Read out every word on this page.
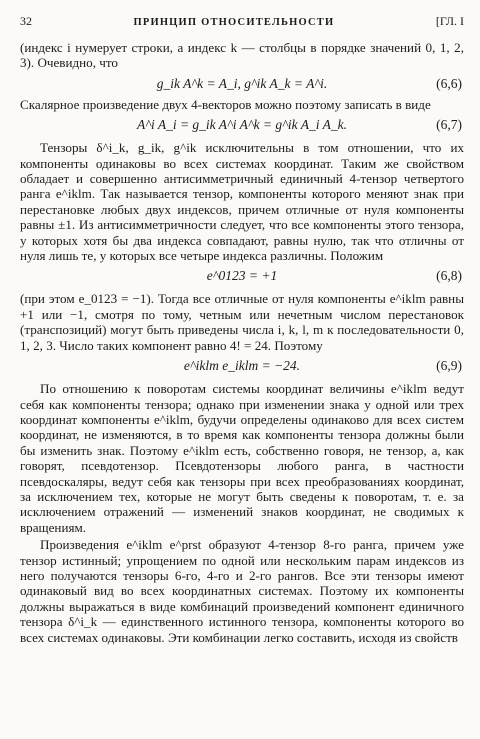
32	ПРИНЦИП ОТНОСИТЕЛЬНОСТИ	[ГЛ. I

(индекс i нумерует строки, а индекс k — столбцы в порядке значений 0, 1, 2, 3). Очевидно, что

g_ik A^k = A_i, g^ik A_k = A^i.	(6,6)

Скалярное произведение двух 4-векторов можно поэтому записать в виде

A^i A_i = g_ik A^i A^k = g^ik A_i A_k.	(6,7)

Тензоры δ^i_k, g_ik, g^ik исключительны в том отношении, что их компоненты одинаковы во всех системах координат. Таким же свойством обладает и совершенно антисимметричный единичный 4-тензор четвертого ранга e^iklm. Так называется тензор, компоненты которого меняют знак при перестановке любых двух индексов, причем отличные от нуля компоненты равны ±1. Из антисимметричности следует, что все компоненты этого тензора, у которых хотя бы два индекса совпадают, равны нулю, так что отличны от нуля лишь те, у которых все четыре индекса различны. Положим

e^0123 = +1	(6,8)

(при этом e_0123 = −1). Тогда все отличные от нуля компоненты e^iklm равны +1 или −1, смотря по тому, четным или нечетным числом перестановок (транспозиций) могут быть приведены числа i, k, l, m к последовательности 0, 1, 2, 3. Число таких компонент равно 4! = 24. Поэтому

e^iklm e_iklm = −24.	(6,9)

По отношению к поворотам системы координат величины e^iklm ведут себя как компоненты тензора; однако при изменении знака у одной или трех координат компоненты e^iklm, будучи определены одинаково для всех систем координат, не изменяются, в то время как компоненты тензора должны были бы изменить знак. Поэтому e^iklm есть, собственно говоря, не тензор, а, как говорят, псевдотензор. Псевдотензоры любого ранга, в частности псевдоскаляры, ведут себя как тензоры при всех преобразованиях координат, за исключением тех, которые не могут быть сведены к поворотам, т. е. за исключением отражений — изменений знаков координат, не сводимых к вращениям.

Произведения e^iklm e^prst образуют 4-тензор 8-го ранга, причем уже тензор истинный; упрощением по одной или нескольким парам индексов из него получаются тензоры 6-го, 4-го и 2-го рангов. Все эти тензоры имеют одинаковый вид во всех координатных системах. Поэтому их компоненты должны выражаться в виде комбинаций произведений компонент единичного тензора δ^i_k — единственного истинного тензора, компоненты которого во всех системах одинаковы. Эти комбинации легко составить, исходя из свойств
